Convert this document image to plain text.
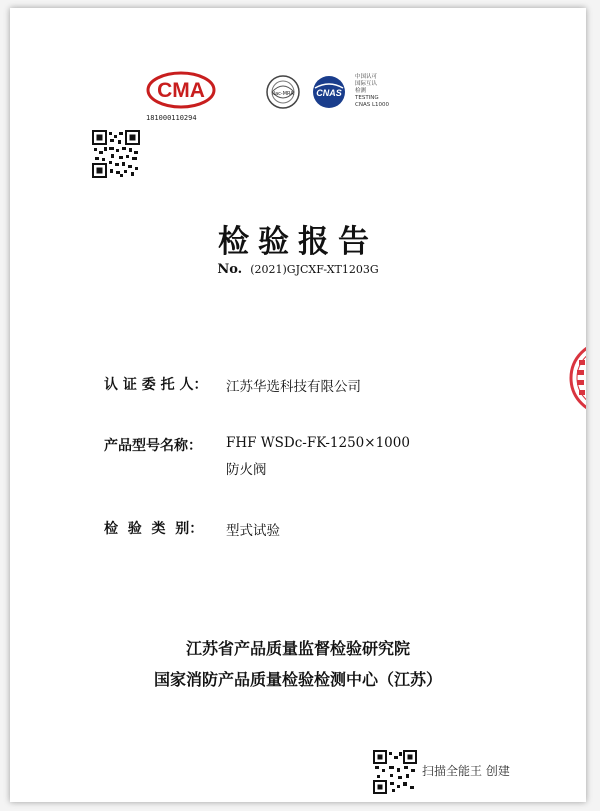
CMA
181000110294
ilac-MRA	CNAS
中国认可
国际互认
检测
TESTING
CNAS L1000
检验报告
No. (2021)GJCXF-XT1203G
认 证 委 托 人： 江苏华选科技有限公司
产品型号名称： FHF WSDc-FK-1250×1000
防火阀
检  验  类  别： 型式试验
江苏省产品质量监督检验研究院
国家消防产品质量检验检测中心（江苏）
扫描全能王 创建
